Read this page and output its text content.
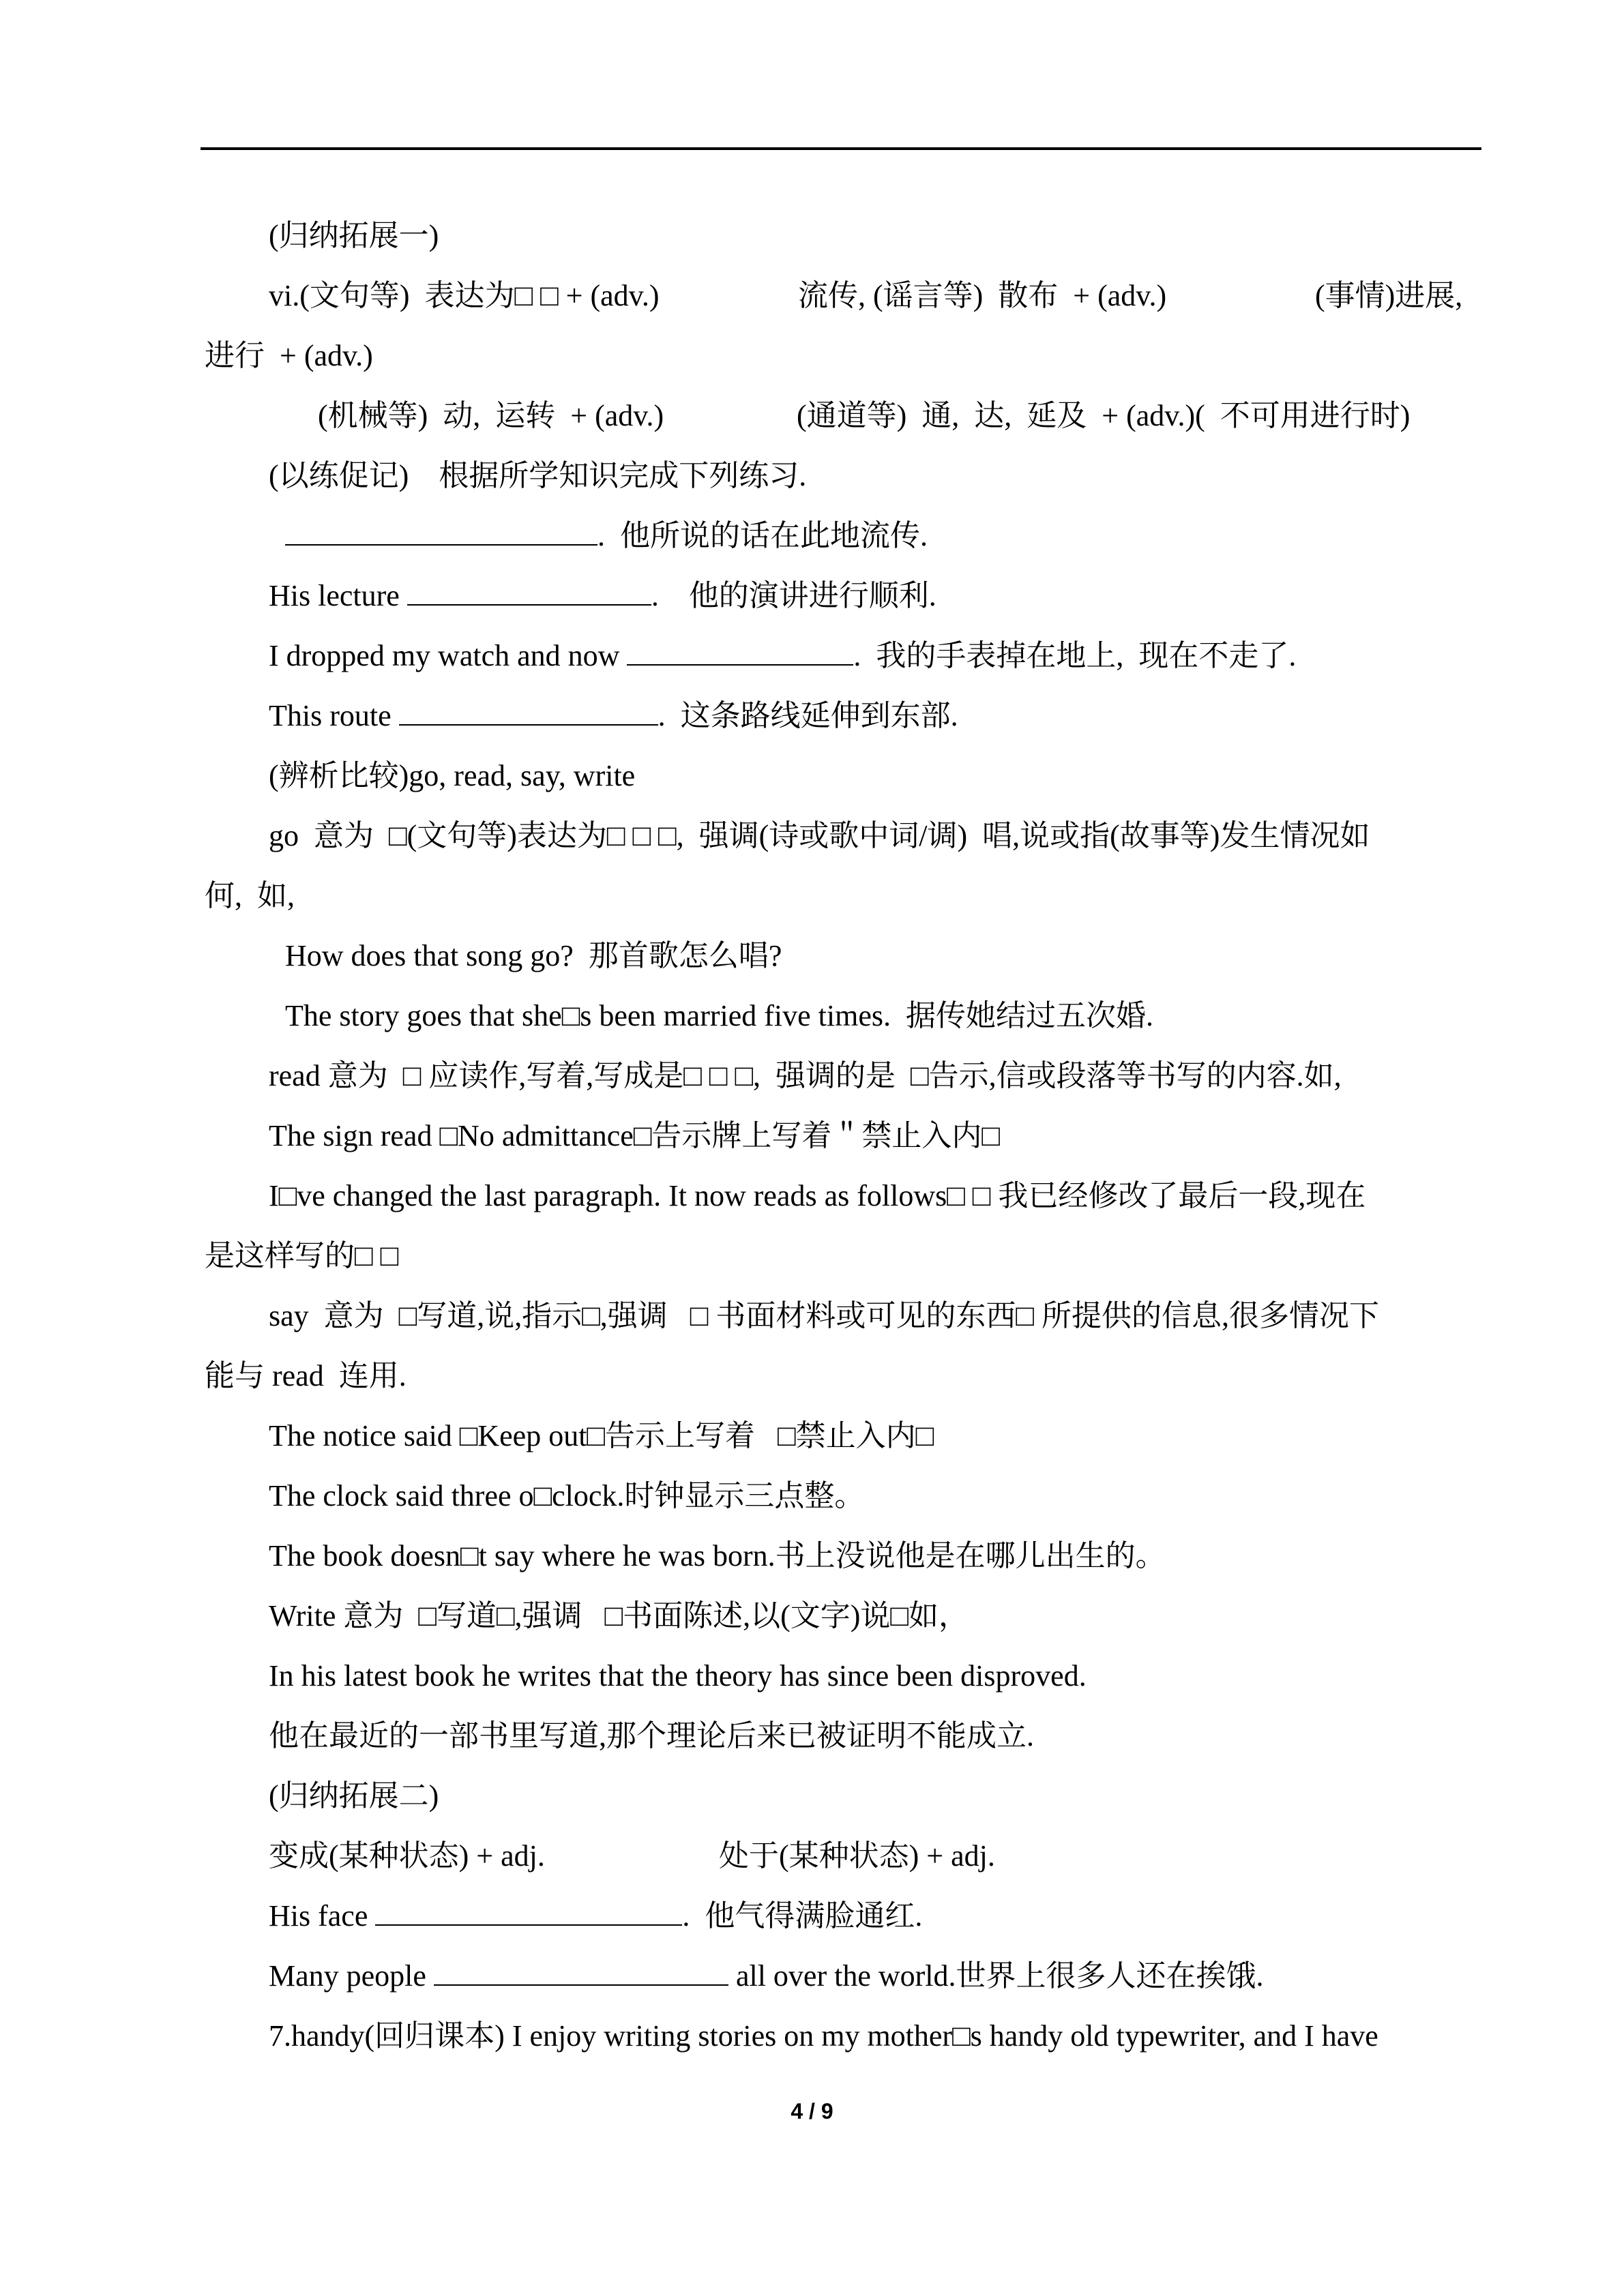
(归纳拓展一)
vi.(文句等)  表达为□ □ + (adv.)	流传, (谣言等)  散布  + (adv.)	(事情)进展,
进行  + (adv.)
(机械等)  动,  运转  + (adv.)	(通道等)  通,  达,  延及  + (adv.)(  不可用进行时)
(以练促记)    根据所学知识完成下列练习.
.  他所说的话在此地流传.
His lecture	.    他的演讲进行顺利.
I dropped my watch and now	.  我的手表掉在地上,  现在不走了.
This route	.  这条路线延伸到东部.
(辨析比较)go, read, say, write
go  意为  □(文句等)表达为□ □ □,  强调(诗或歌中词/调)  唱,说或指(故事等)发生情况如
何,  如,
How does that song go?  那首歌怎么唱?
The story goes that she□s been married five times.  据传她结过五次婚.
read 意为  □ 应读作,写着,写成是□ □ □,  强调的是  □告示,信或段落等书写的内容.如,
The sign read □No admittance□告示牌上写着＂禁止入内□
I□ve changed the last paragraph. It now reads as follows□ □ 我已经修改了最后一段,现在
是这样写的□ □
say  意为  □写道,说,指示□,强调   □ 书面材料或可见的东西□ 所提供的信息,很多情况下
能与 read  连用.
The notice said □Keep out□告示上写着   □禁止入内□
The clock said three o□clock.时钟显示三点整。
The book doesn□t say where he was born.书上没说他是在哪儿出生的。
Write 意为  □写道□,强调   □书面陈述,以(文字)说□如，
In his latest book he writes that the theory has since been disproved.
他在最近的一部书里写道,那个理论后来已被证明不能成立.
(归纳拓展二)
变成(某种状态) + adj.	处于(某种状态) + adj.
His face	.  他气得满脸通红.
Many people	all over the world.世界上很多人还在挨饿.
7.handy(回归课本) I enjoy writing stories on my mother□s handy old typewriter, and I have
4 / 9
